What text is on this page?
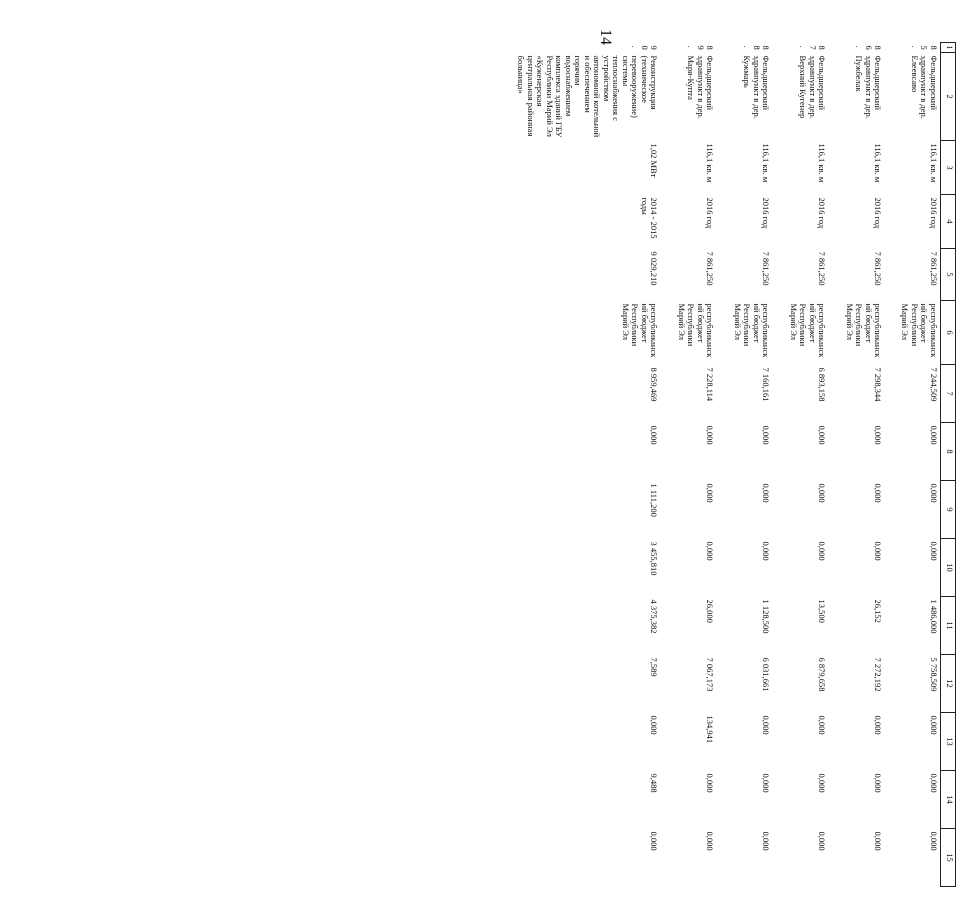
14
1	2	3	4	5	6	7	8	9	10	11	12	13	14	15
85.	Фельдшерский здравпункт в дер. Елеевсаво	116,1 кв. м	2016 год	7 861,250	республиканский бюджет Республики Марий Эл	7 244,509	0,000	0,000	0,000	1 486,000	5 758,509	0,000	0,000	0,000
86.	Фельдшерский здравпункт в дер. Пужбелак	116,1 кв. м	2016 год	7 861,250	республиканский бюджет Республики Марий Эл	7 298,344	0,000	0,000	0,000	26,152	7 272,192	0,000	0,000	0,000
87.	Фельдшерский здравпункт в дер. Верхний Кугенер	116,1 кв. м	2016 год	7 861,250	республиканский бюджет Республики Марий Эл	6 893,158	0,000	0,000	0,000	13,500	6 879,658	0,000	0,000	0,000
88.	Фельдшерский здравпункт в дер. Кужмарь	116,1 кв. м	2016 год	7 861,250	республиканский бюджет Республики Марий Эл	7 160,161	0,000	0,000	0,000	1 128,500	6 031,661	0,000	0,000	0,000
89.	Фельдшерский здравпункт в дер. Мари-Купта	116,1 кв. м	2016 год	7 861,250	республиканский бюджет Республики Марий Эл	7 228,114	0,000	0,000	0,000	26,000	7 067,173	134,941	0,000	0,000
90.	Реконструкция (техническое перевооружение) системы теплоснабжения с устройством автономной котельной и обеспечением горячим водоснабжением комплекса зданий ГБУ Республики Марий Эл «Куженерская центральная районная больница»	1,02 МВт	2014 - 2015 годы	9 029,210	республиканский бюджет Республики Марий Эл	8 959,469	0,000	1 111,200	3 455,810	4 375,382	7,589	0,000	9,488	0,000
